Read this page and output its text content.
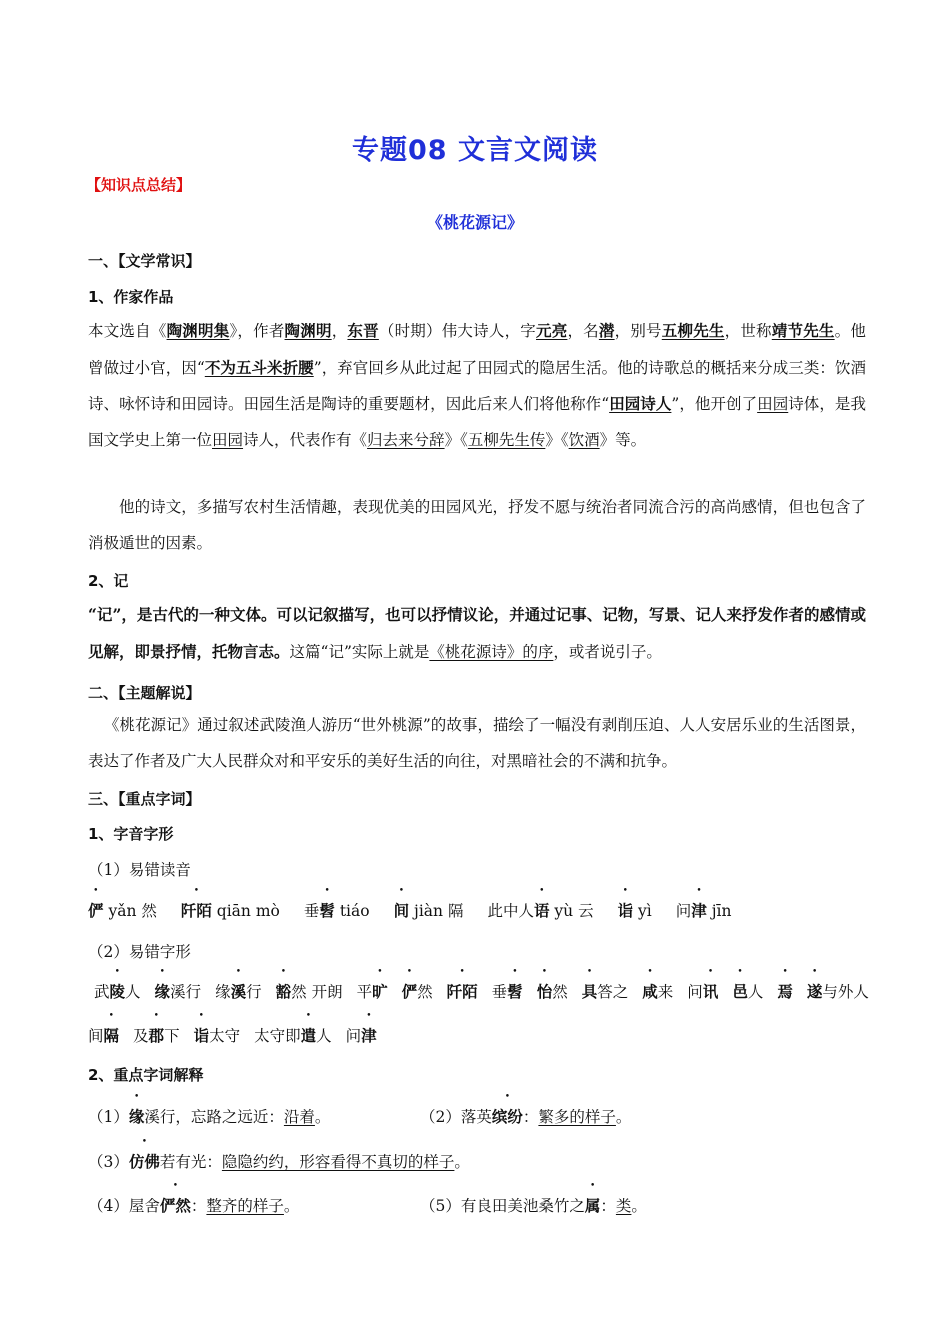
专题08 文言文阅读
【知识点总结】
《桃花源记》
一、【文学常识】
1、作家作品
本文选自《陶渊明集》，作者陶渊明，东晋（时期）伟大诗人，字元亮，名潜，别号五柳先生，世称靖节先生。他曾做过小官，因“不为五斗米折腰”，弃官回乡从此过起了田园式的隐居生活。他的诗歌总的概括来分成三类：饮酒诗、咏怀诗和田园诗。田园生活是陶诗的重要题材，因此后来人们将他称作“田园诗人”，他开创了田园诗体，是我国文学史上第一位田园诗人，代表作有《归去来兮辞》《五柳先生传》《饮酒》等。
他的诗文，多描写农村生活情趣，表现优美的田园风光，抒发不愿与统治者同流合污的高尚感情，但也包含了消极遁世的因素。
2、记
“记”，是古代的一种文体。可以记叙描写，也可以抒情议论，并通过记事、记物，写景、记人来抒发作者的感情或见解，即景抒情，托物言志。这篇“记”实际上就是《桃花源诗》的序，或者说引子。
二、【主题解说】
《桃花源记》通过叙述武陵渔人游历“世外桃源”的故事，描绘了一幅没有剥削压迫、人人安居乐业的生活图景，表达了作者及广大人民群众对和平安乐的美好生活的向往，对黑暗社会的不满和抗争。
三、【重点字词】
1、字音字形
（1）易错读音
俨 yǎn 然 阡陌 qiān mò 垂髫 tiáo 间 jiàn 隔 此中人语 yù 云 诣 yì 问津 jīn
（2）易错字形
武陵人 缘溪行 缘溪行 豁然 开朗 平旷 俨然 阡陌 垂髫 怡然 具答之 咸来 问讯 邑人 焉 遂与外人
间隔 及郡下 诣太守 太守即遣人 问津
2、重点字词解释
（1）缘溪行，忘路之远近：沿着。	（2）落英缤纷：繁多的样子。
（3）仿佛若有光：隐隐约约，形容看得不真切的样子。
（4）屋舍俨然：整齐的样子。	（5）有良田美池桑竹之属：类。
